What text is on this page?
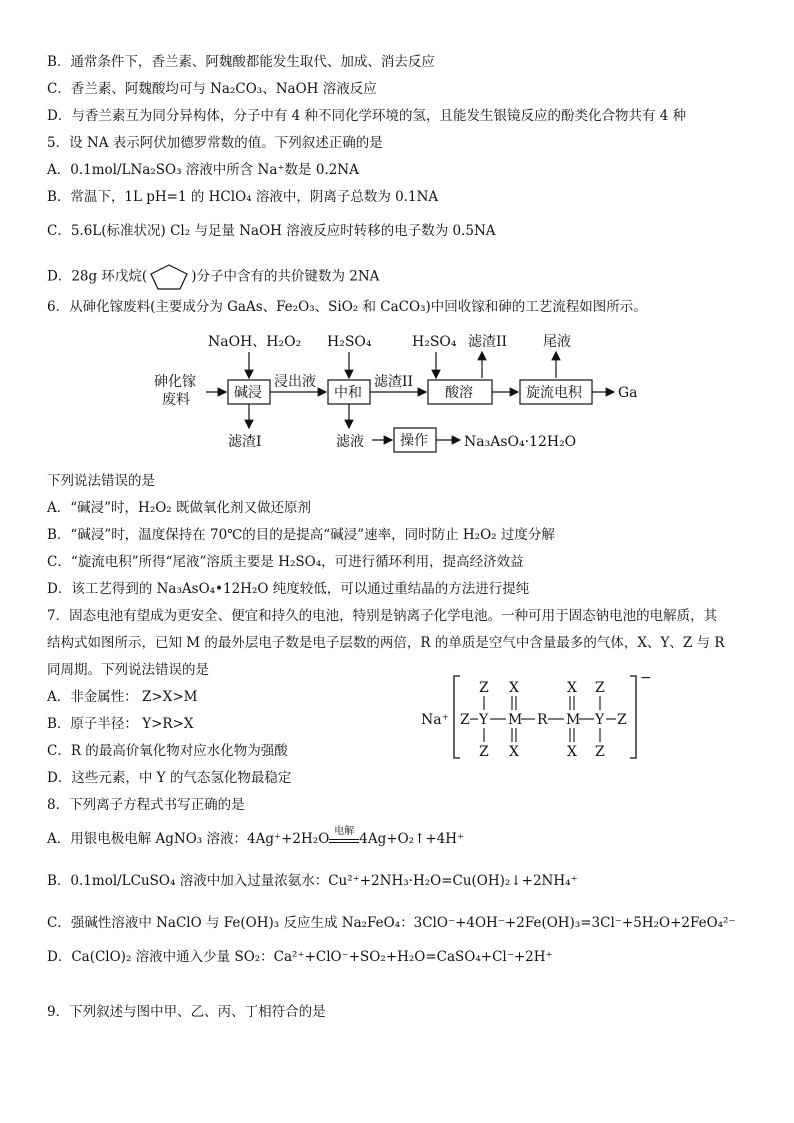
B．通常条件下，香兰素、阿魏酸都能发生取代、加成、消去反应
C．香兰素、阿魏酸均可与 Na₂CO₃、NaOH 溶液反应
D．与香兰素互为同分异构体，分子中有 4 种不同化学环境的氢，且能发生银镜反应的酚类化合物共有 4 种
5．设 NA 表示阿伏加德罗常数的值。下列叙述正确的是
A．0.1mol/LNa₂SO₃ 溶液中所含 Na⁺数是 0.2NA
B．常温下，1L pH=1 的 HClO₄ 溶液中，阴离子总数为 0.1NA
C．5.6L(标准状况) Cl₂ 与足量 NaOH 溶液反应时转移的电子数为 0.5NA
D．28g 环戊烷(	)分子中含有的共价键数为 2NA
6．从砷化镓废料(主要成分为 GaAs、Fe₂O₃、SiO₂ 和 CaCO₃)中回收镓和砷的工艺流程如图所示。
砷化镓
废料	碱浸
NaOH、H₂O₂
滤渣I
浸出液
中和
H₂SO₄
滤液	操作	Na₃AsO₄·12H₂O
滤渣II
酸溶
H₂SO₄ 滤渣II
旋流电积
尾液
Ga
下列说法错误的是
A．“碱浸”时，H₂O₂ 既做氧化剂又做还原剂
B．“碱浸”时，温度保持在 70℃的目的是提高“碱浸”速率，同时防止 H₂O₂ 过度分解
C．“旋流电积”所得“尾液”溶质主要是 H₂SO₄，可进行循环利用，提高经济效益
D．该工艺得到的 Na₃AsO₄•12H₂O 纯度较低，可以通过重结晶的方法进行提纯
7．固态电池有望成为更安全、便宜和持久的电池，特别是钠离子化学电池。一种可用于固态钠电池的电解质，其
结构式如图所示，已知 M 的最外层电子数是电子层数的两倍，R 的单质是空气中含量最多的气体，X、Y、Z 与 R
同周期。下列说法错误的是
A．非金属性： Z>X>M
B．原子半径： Y>R>X
C．R 的最高价氧化物对应水化物为强酸
D．这些元素，中 Y 的气态氢化物最稳定
Na⁺
−
Z Y M R M Y Z
Z
Z
X
X
X
X
Z
Z
8．下列离子方程式书写正确的是
A．用银电极电解 AgNO₃ 溶液：4Ag⁺+2H₂O 电解 4Ag+O₂↑+4H⁺
B．0.1mol/LCuSO₄ 溶液中加入过量浓氨水：Cu²⁺+2NH₃·H₂O=Cu(OH)₂↓+2NH₄⁺
C．强碱性溶液中 NaClO 与 Fe(OH)₃ 反应生成 Na₂FeO₄：3ClO⁻+4OH⁻+2Fe(OH)₃=3Cl⁻+5H₂O+2FeO₄²⁻
D．Ca(ClO)₂ 溶液中通入少量 SO₂：Ca²⁺+ClO⁻+SO₂+H₂O=CaSO₄+Cl⁻+2H⁺
9．下列叙述与图中甲、乙、丙、丁相符合的是
